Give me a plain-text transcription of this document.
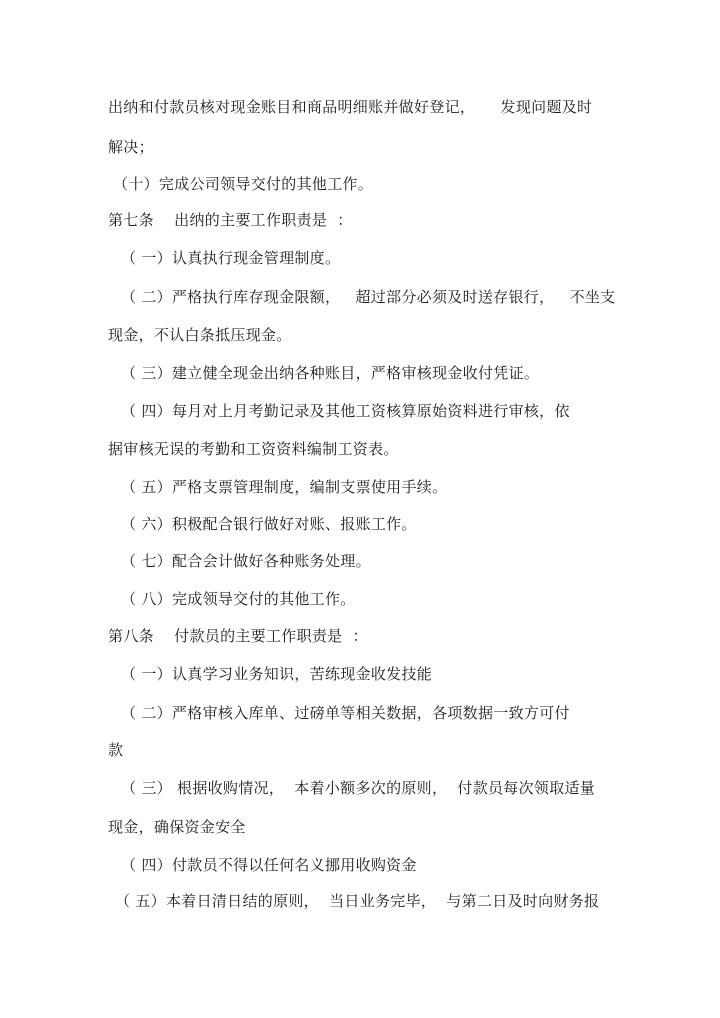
出纳和付款员核对现金账目和商品明细账并做好登记，     发现问题及时
解决；
（十）完成公司领导交付的其他工作。
第七条    出纳的主要工作职责是  ：
（ 一）认真执行现金管理制度。
（ 二）严格执行库存现金限额，   超过部分必须及时送存银行，   不坐支
现金，不认白条抵压现金。
（ 三）建立健全现金出纳各种账目，严格审核现金收付凭证。
（ 四）每月对上月考勤记录及其他工资核算原始资料进行审核，依
据审核无误的考勤和工资资料编制工资表。
（ 五）严格支票管理制度，编制支票使用手续。
（ 六）积极配合银行做好对账、报账工作。
（ 七）配合会计做好各种账务处理。
（ 八）完成领导交付的其他工作。
第八条    付款员的主要工作职责是  ：
（ 一）认真学习业务知识，苦练现金收发技能
（ 二）严格审核入库单、过磅单等相关数据，各项数据一致方可付
款
（ 三） 根据收购情况，  本着小额多次的原则，  付款员每次领取适量
现金，确保资金安全
（ 四）付款员不得以任何名义挪用收购资金
（ 五）本着日清日结的原则，  当日业务完毕，  与第二日及时向财务报
